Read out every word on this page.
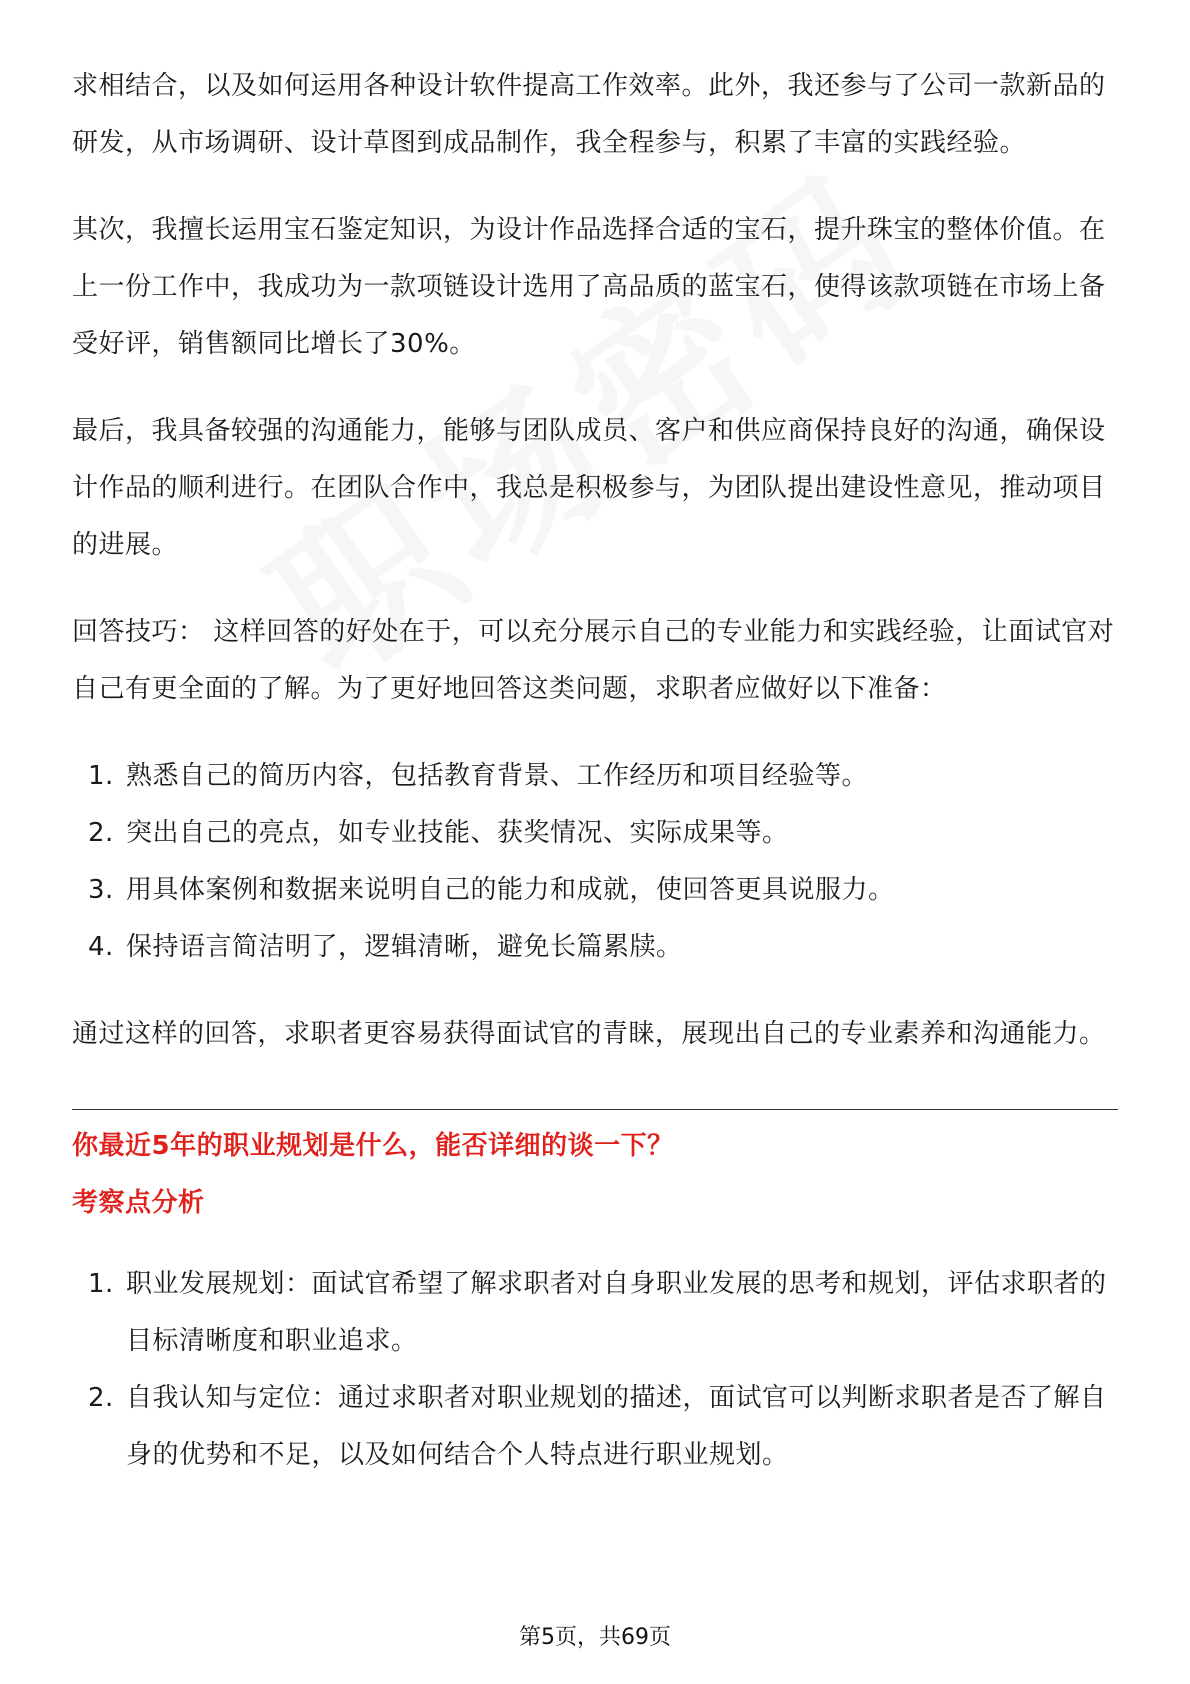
求相结合，以及如何运用各种设计软件提高工作效率。此外，我还参与了公司一款新品的研发，从市场调研、设计草图到成品制作，我全程参与，积累了丰富的实践经验。

其次，我擅长运用宝石鉴定知识，为设计作品选择合适的宝石，提升珠宝的整体价值。在上一份工作中，我成功为一款项链设计选用了高品质的蓝宝石，使得该款项链在市场上备受好评，销售额同比增长了30%。

最后，我具备较强的沟通能力，能够与团队成员、客户和供应商保持良好的沟通，确保设计作品的顺利进行。在团队合作中，我总是积极参与，为团队提出建设性意见，推动项目的进展。

回答技巧： 这样回答的好处在于，可以充分展示自己的专业能力和实践经验，让面试官对自己有更全面的了解。为了更好地回答这类问题，求职者应做好以下准备：

1. 熟悉自己的简历内容，包括教育背景、工作经历和项目经验等。
2. 突出自己的亮点，如专业技能、获奖情况、实际成果等。
3. 用具体案例和数据来说明自己的能力和成就，使回答更具说服力。
4. 保持语言简洁明了，逻辑清晰，避免长篇累牍。

通过这样的回答，求职者更容易获得面试官的青睐，展现出自己的专业素养和沟通能力。

你最近5年的职业规划是什么，能否详细的谈一下？
考察点分析
1. 职业发展规划：面试官希望了解求职者对自身职业发展的思考和规划，评估求职者的目标清晰度和职业追求。
2. 自我认知与定位：通过求职者对职业规划的描述，面试官可以判断求职者是否了解自身的优势和不足，以及如何结合个人特点进行职业规划。
第5页，共69页
